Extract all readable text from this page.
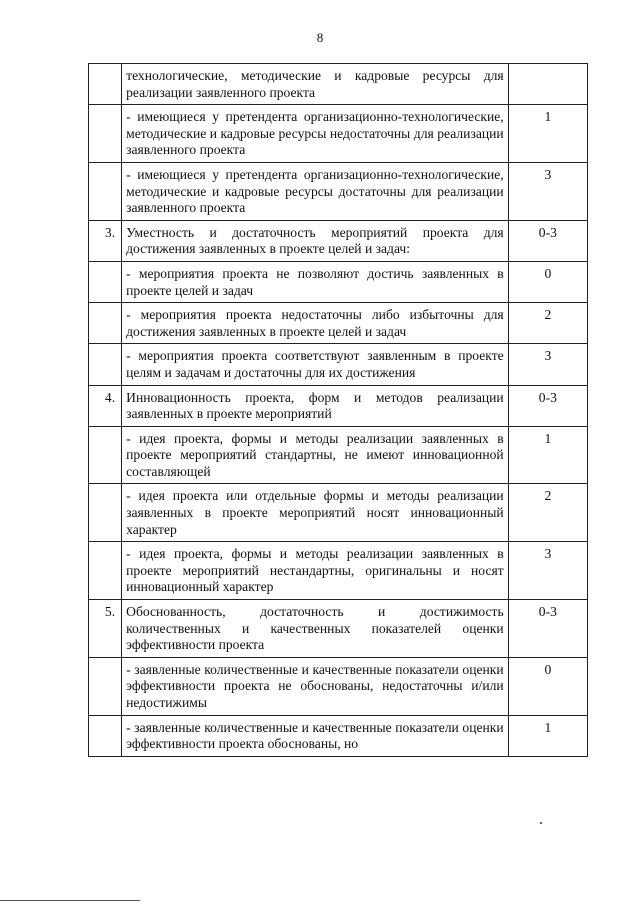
8
	технологические, методические и кадровые ресурсы для реализации заявленного проекта	
	- имеющиеся у претендента организационно-технологические, методические и кадровые ресурсы недостаточны для реализации заявленного проекта	1
	- имеющиеся у претендента организационно-технологические, методические и кадровые ресурсы достаточны для реализации заявленного проекта	3
3.	Уместность и достаточность мероприятий проекта для достижения заявленных в проекте целей и задач:	0-3
	- мероприятия проекта не позволяют достичь заявленных в проекте целей и задач	0
	- мероприятия проекта недостаточны либо избыточны для достижения заявленных в проекте целей и задач	2
	- мероприятия проекта соответствуют заявленным в проекте целям и задачам и достаточны для их достижения	3
4.	Инновационность проекта, форм и методов реализации заявленных в проекте мероприятий	0-3
	- идея проекта, формы и методы реализации заявленных в проекте мероприятий стандартны, не имеют инновационной составляющей	1
	- идея проекта или отдельные формы и методы реализации заявленных в проекте мероприятий носят инновационный характер	2
	- идея проекта, формы и методы реализации заявленных в проекте мероприятий нестандартны, оригинальны и носят инновационный характер	3
5.	Обоснованность, достаточность и достижимость количественных и качественных показателей оценки эффективности проекта	0-3
	- заявленные количественные и качественные показатели оценки эффективности проекта не обоснованы, недостаточны и/или недостижимы	0
	- заявленные количественные и качественные показатели оценки эффективности проекта обоснованы, но	1
